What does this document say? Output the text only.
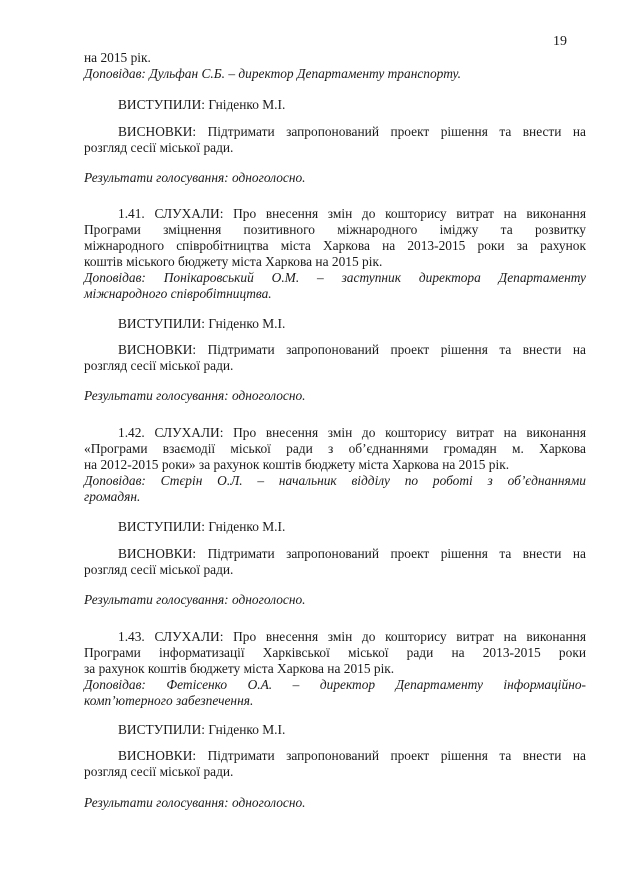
19

на 2015 рік.

Доповідав: Дульфан С.Б. – директор Департаменту транспорту.

ВИСТУПИЛИ: Гніденко М.І.

ВИСНОВКИ: Підтримати запропонований проект рішення та внести на

розгляд сесії міської ради.

Результати голосування: одноголосно.

1.41. СЛУХАЛИ: Про внесення змін до кошторису витрат на виконання

Програми зміцнення позитивного міжнародного іміджу та розвитку

міжнародного співробітництва міста Харкова на 2013-2015 роки за рахунок

коштів міського бюджету міста Харкова на 2015 рік.

Доповідав: Понікаровський О.М. – заступник директора Департаменту

міжнародного співробітництва.

ВИСТУПИЛИ: Гніденко М.І.

ВИСНОВКИ: Підтримати запропонований проект рішення та внести на

розгляд сесії міської ради.

Результати голосування: одноголосно.

1.42. СЛУХАЛИ: Про внесення змін до кошторису витрат на виконання

«Програми взаємодії міської ради з об’єднаннями громадян м. Харкова

на 2012-2015 роки» за рахунок коштів бюджету міста Харкова на 2015 рік.

Доповідав: Стєрін О.Л. – начальник відділу по роботі з об’єднаннями

громадян.

ВИСТУПИЛИ: Гніденко М.І.

ВИСНОВКИ: Підтримати запропонований проект рішення та внести на

розгляд сесії міської ради.

Результати голосування: одноголосно.

1.43. СЛУХАЛИ: Про внесення змін до кошторису витрат на виконання

Програми інформатизації Харківської міської ради на 2013-2015 роки

за рахунок коштів бюджету міста Харкова на 2015 рік.

Доповідав: Фетісенко О.А. – директор Департаменту інформаційно-

комп’ютерного забезпечення.

ВИСТУПИЛИ: Гніденко М.І.

ВИСНОВКИ: Підтримати запропонований проект рішення та внести на

розгляд сесії міської ради.

Результати голосування: одноголосно.
